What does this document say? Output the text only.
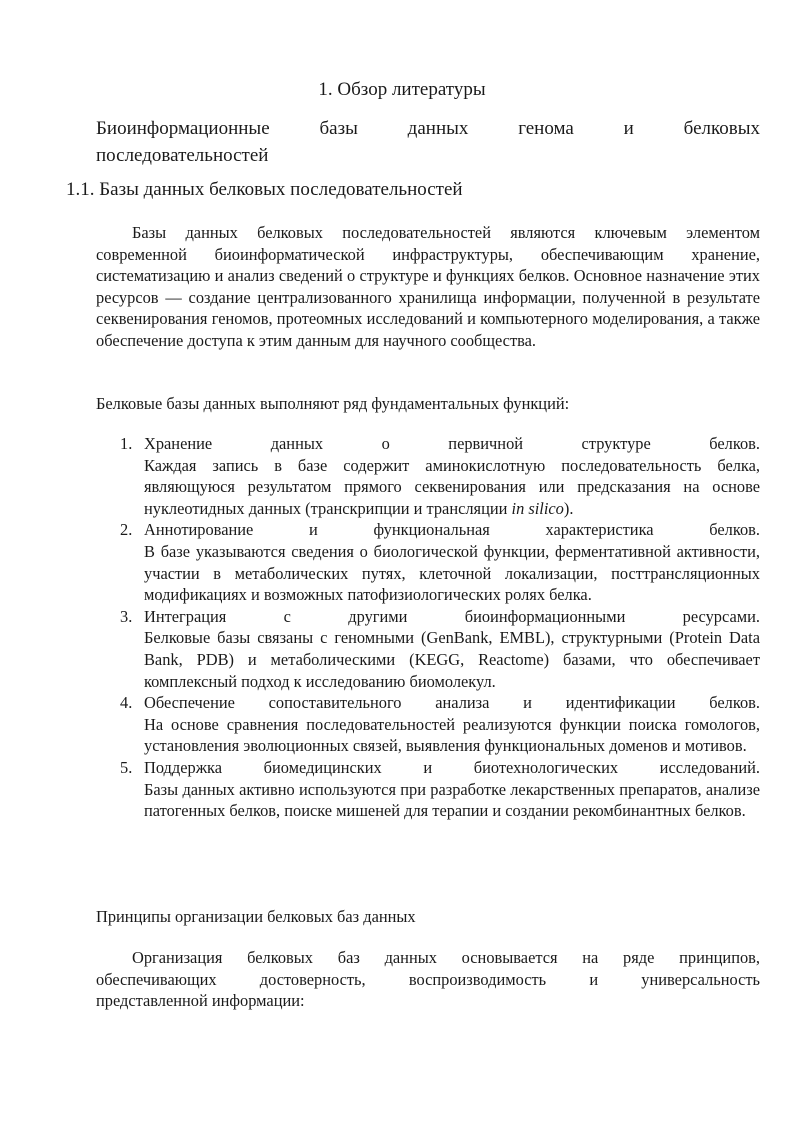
1. Обзор литературы
Биоинформационные базы данных генома и белковых
последовательностей
1.1. Базы данных белковых последовательностей

Базы данных белковых последовательностей являются ключевым элементом современной биоинформатической инфраструктуры, обеспечивающим хранение, систематизацию и анализ сведений о структуре и функциях белков. Основное назначение этих ресурсов — создание централизованного хранилища информации, полученной в результате секвенирования геномов, протеомных исследований и компьютерного моделирования, а также обеспечение доступа к этим данным для научного сообщества.

Белковые базы данных выполняют ряд фундаментальных функций:

1. Хранение данных о первичной структуре белков.
Каждая запись в базе содержит аминокислотную последовательность белка, являющуюся результатом прямого секвенирования или предсказания на основе нуклеотидных данных (транскрипции и трансляции in silico).
2. Аннотирование и функциональная характеристика белков.
В базе указываются сведения о биологической функции, ферментативной активности, участии в метаболических путях, клеточной локализации, посттрансляционных модификациях и возможных патофизиологических ролях белка.
3. Интеграция с другими биоинформационными ресурсами.
Белковые базы связаны с геномными (GenBank, EMBL), структурными (Protein Data Bank, PDB) и метаболическими (KEGG, Reactome) базами, что обеспечивает комплексный подход к исследованию биомолекул.
4. Обеспечение сопоставительного анализа и идентификации белков.
На основе сравнения последовательностей реализуются функции поиска гомологов, установления эволюционных связей, выявления функциональных доменов и мотивов.
5. Поддержка биомедицинских и биотехнологических исследований.
Базы данных активно используются при разработке лекарственных препаратов, анализе патогенных белков, поиске мишеней для терапии и создании рекомбинантных белков.

Принципы организации белковых баз данных

Организация белковых баз данных основывается на ряде принципов,
обеспечивающих достоверность, воспроизводимость и универсальность
представленной информации:
